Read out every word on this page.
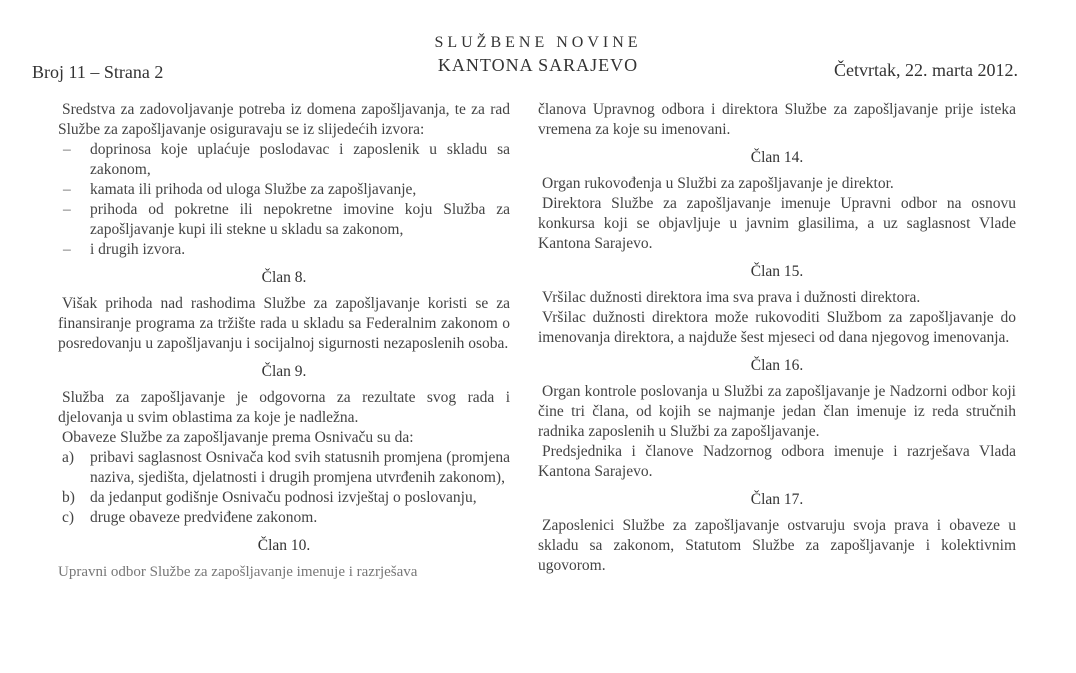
SLUŽBENE NOVINE
KANTONA SARAJEVO
Broj 11 – Strana 2	Četvrtak, 22. marta 2012.

Sredstva za zadovoljavanje potreba iz domena zapošljavanja, te za rad Službe za zapošljavanje osiguravaju se iz slijedećih izvora:

– doprinosa koje uplaćuje poslodavac i zaposlenik u skladu sa zakonom,
– kamata ili prihoda od uloga Službe za zapošljavanje,
– prihoda od pokretne ili nepokretne imovine koju Služba za zapošljavanje kupi ili stekne u skladu sa zakonom,
– i drugih izvora.
Član 8.

Višak prihoda nad rashodima Službe za zapošljavanje koristi se za finansiranje programa za tržište rada u skladu sa Federalnim zakonom o posredovanju u zapošljavanju i socijalnoj sigurnosti nezaposlenih osoba.

Član 9.

Služba za zapošljavanje je odgovorna za rezultate svog rada i djelovanja u svim oblastima za koje je nadležna.

Obaveze Službe za zapošljavanje prema Osnivaču su da:

a) pribavi saglasnost Osnivača kod svih statusnih promjena (promjena naziva, sjedišta, djelatnosti i drugih promjena utvrđenih zakonom),
b) da jedanput godišnje Osnivaču podnosi izvještaj o poslovanju,
c) druge obaveze predviđene zakonom.
Član 10.
Upravni odbor Službe za zapošljavanje imenuje i razrješava

članova Upravnog odbora i direktora Službe za zapošljavanje prije isteka vremena za koje su imenovani.

Član 14.

Organ rukovođenja u Službi za zapošljavanje je direktor.

Direktora Službe za zapošljavanje imenuje Upravni odbor na osnovu konkursa koji se objavljuje u javnim glasilima, a uz saglasnost Vlade Kantona Sarajevo.

Član 15.

Vršilac dužnosti direktora ima sva prava i dužnosti direktora.

Vršilac dužnosti direktora može rukovoditi Službom za zapošljavanje do imenovanja direktora, a najduže šest mjeseci od dana njegovog imenovanja.

Član 16.

Organ kontrole poslovanja u Službi za zapošljavanje je Nadzorni odbor koji čine tri člana, od kojih se najmanje jedan član imenuje iz reda stručnih radnika zaposlenih u Službi za zapošljavanje.

Predsjednika i članove Nadzornog odbora imenuje i razrješava Vlada Kantona Sarajevo.

Član 17.

Zaposlenici Službe za zapošljavanje ostvaruju svoja prava i obaveze u skladu sa zakonom, Statutom Službe za zapošljavanje i kolektivnim ugovorom.
